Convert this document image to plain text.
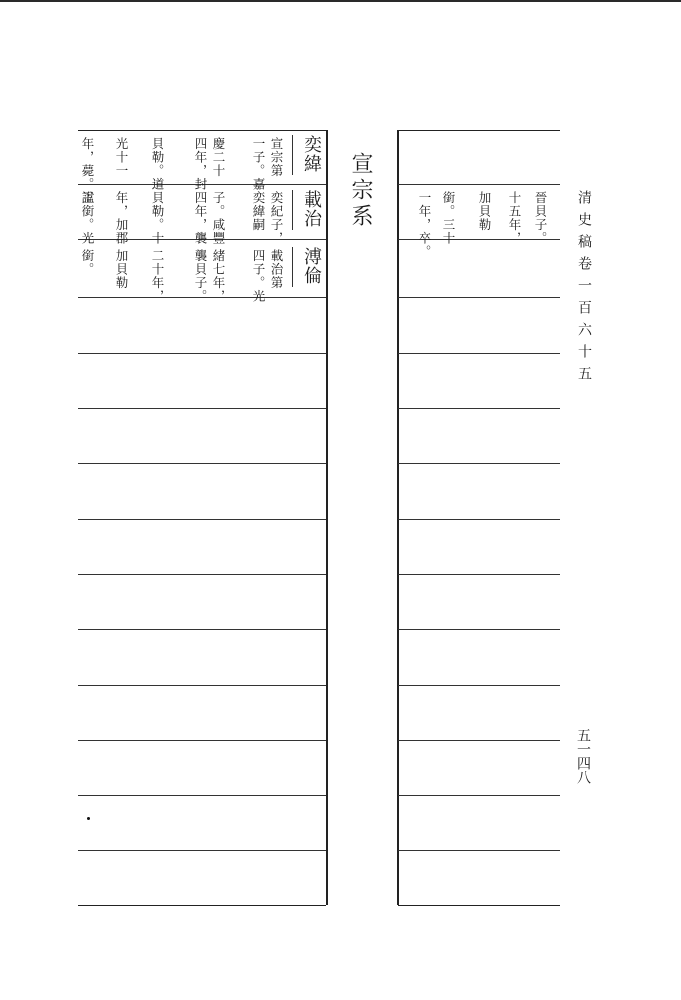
清史稿卷一百六十五
五一四八
宣宗系
奕緯
宣宗第
一子。嘉
慶二十
四年，封
貝勒。道
光十一
年，薨。諡
載治
奕紀子，
奕緯嗣
子。咸豐
四年，襲
貝勒。十
年，加郡
王銜。光
溥倫
載治第
四子。光
緒七年，
襲貝子。
二十年，
加貝勒
銜。
晉貝子。
十五年，
加貝勒
銜。三十
一年，卒。
